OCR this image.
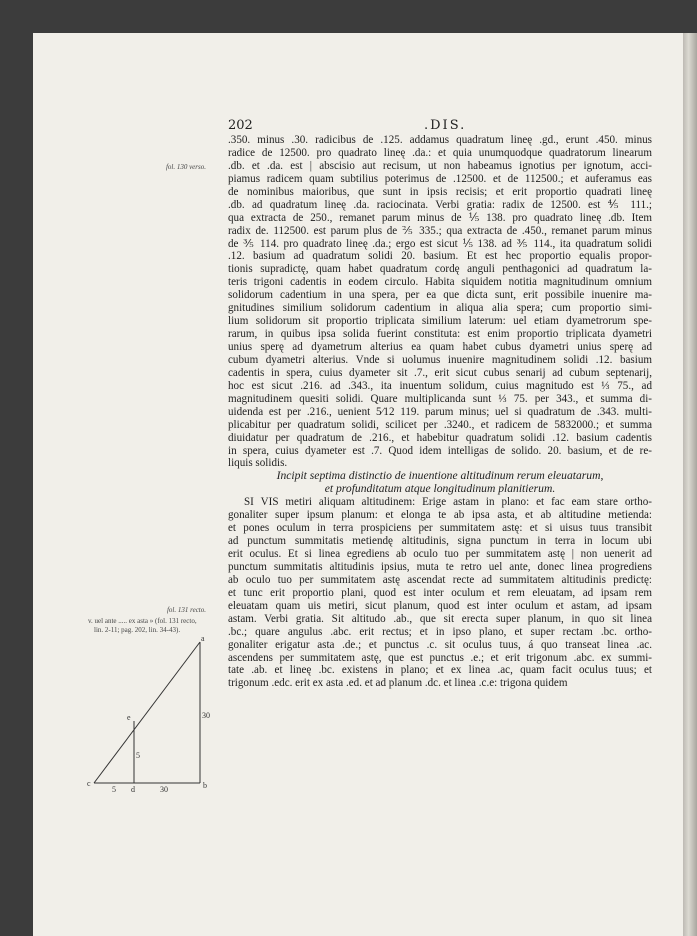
202	.DIS.
fol. 130 verso.
fol. 131 recto.
v. uel ante ..... ex asta » (fol. 131 recto,
lin. 2-11; pag. 202, lin. 34-43).
.350. minus .30. radicibus de .125. addamus quadratum lineę .gd., erunt .450. minus
radice de 12500. pro quadrato lineę .da.: et quia unumquodque quadratorum linearum
.db. et .da. est | abscisio aut recisum, ut non habeamus ignotius per ignotum, acci-
piamus radicem quam subtilius poterimus de .12500. et de 112500.; et auferamus eas
de nominibus maioribus, que sunt in ipsis recisis; et erit proportio quadrati lineę
.db. ad quadratum lineę .da. raciocinata. Verbi gratia: radix de 12500. est ⅘ 111.;
qua extracta de 250., remanet parum minus de ⅕ 138. pro quadrato lineę .db. Item
radix de. 112500. est parum plus de ⅖ 335.; qua extracta de .450., remanet parum minus
de ⅗ 114. pro quadrato lineę .da.; ergo est sicut ⅕ 138. ad ⅗ 114., ita quadratum solidi
.12. basium ad quadratum solidi 20. basium. Et est hec proportio equalis propor-
tionis supradictę, quam habet quadratum cordę anguli penthagonici ad quadratum la-
teris trigoni cadentis in eodem circulo. Habita siquidem notitia magnitudinum omnium
solidorum cadentium in una spera, per ea que dicta sunt, erit possibile inuenire ma-
gnitudines similium solidorum cadentium in aliqua alia spera; cum proportio simi-
lium solidorum sit proportio triplicata similium laterum: uel etiam dyametrorum spe-
rarum, in quibus ipsa solida fuerint constituta: est enim proportio triplicata dyametri
unius sperę ad dyametrum alterius ea quam habet cubus dyametri unius sperę ad
cubum dyametri alterius. Vnde si uolumus inuenire magnitudinem solidi .12. basium
cadentis in spera, cuius dyameter sit .7., erit sicut cubus senarij ad cubum septenarij,
hoc est sicut .216. ad .343., ita inuentum solidum, cuius magnitudo est ⅓ 75., ad
magnitudinem quesiti solidi. Quare multiplicanda sunt ⅓ 75. per 343., et summa di-
uidenda est per .216., uenient 5⁄12 119. parum minus; uel si quadratum de .343. multi-
plicabitur per quadratum solidi, scilicet per .3240., et radicem de 5832000.; et summa
diuidatur per quadratum de .216., et habebitur quadratum solidi .12. basium cadentis
in spera, cuius dyameter est .7. Quod idem intelligas de solido. 20. basium, et de re-
liquis solidis.
Incipit septima distinctio de inuentione altitudinum rerum eleuatarum,
et profunditatum atque longitudinum planitierum.
SI VIS metiri aliquam altitudinem: Erige astam in plano: et fac eam stare ortho-
gonaliter super ipsum planum: et elonga te ab ipsa asta, et ab altitudine metienda:
et pones oculum in terra prospiciens per summitatem astę: et si uisus tuus transibit
ad punctum summitatis metiendę altitudinis, signa punctum in terra in locum ubi
erit oculus. Et si linea egrediens ab oculo tuo per summitatem astę | non uenerit ad
punctum summitatis altitudinis ipsius, muta te retro uel ante, donec linea progrediens
ab oculo tuo per summitatem astę ascendat recte ad summitatem altitudinis predictę:
et tunc erit proportio plani, quod est inter oculum et rem eleuatam, ad ipsam rem
eleuatam quam uis metiri, sicut planum, quod est inter oculum et astam, ad ipsam
astam. Verbi gratia. Sit altitudo .ab., que sit erecta super planum, in quo sit linea
.bc.; quare angulus .abc. erit rectus; et in ipso plano, et super rectam .bc. ortho-
gonaliter erigatur asta .de.; et punctus .c. sit oculus tuus, á quo transeat linea .ac.
ascendens per summitatem astę, que est punctus .e.; et erit trigonum .abc. ex summi-
tate .ab. et lineę .bc. existens in plano; et ex linea .ac, quam facit oculus tuus; et
trigonum .edc. erit ex asta .ed. et ad planum .dc. et linea .c.e: trigona quidem
a
b
c
d
e	30
5
5	30
